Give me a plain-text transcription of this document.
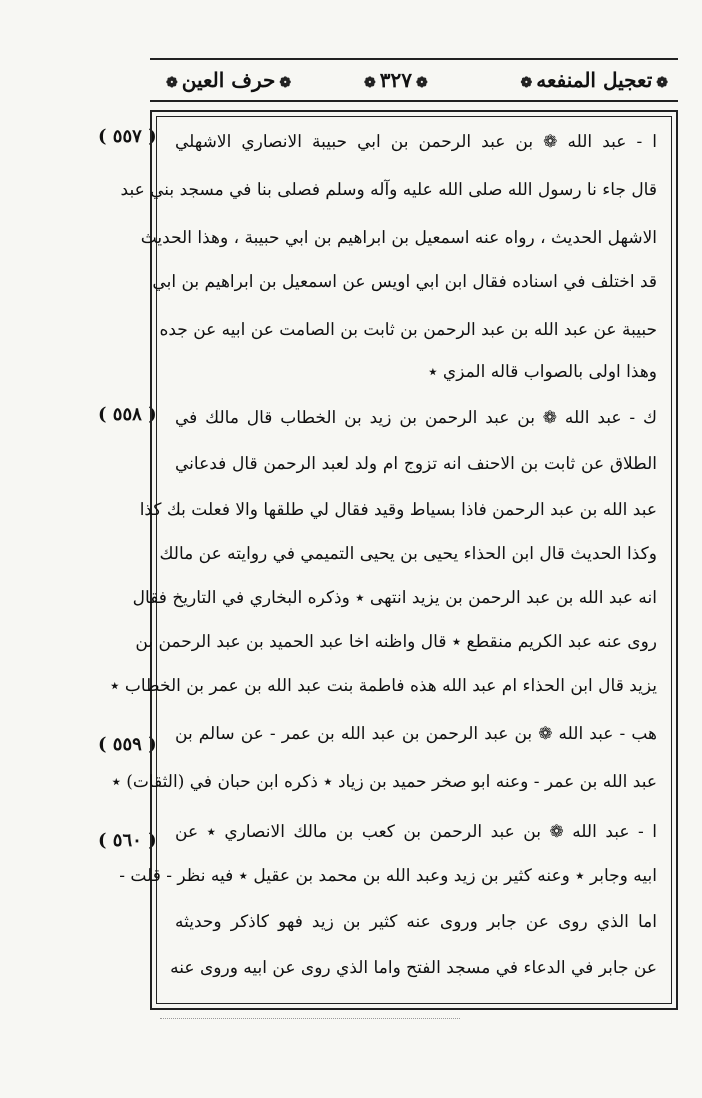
❁تعجيل المنفعه❁
❁٣٢٧❁
❁حرف العين❁
( ٥٥٧ )
( ٥٥٨ )
( ٥٥٩ )
( ٥٦٠ )
ا - عبد الله ❁ بن عبد الرحمن بن ابي حبيبة الانصاري الاشهلي
قال جاء نا رسول الله صلى الله عليه وآله وسلم فصلى بنا في مسجد بني عبد
الاشهل الحديث ، رواه عنه اسمعيل بن ابراهيم بن ابي حبيبة ، وهذا الحديث
قد اختلف في اسناده فقال ابن ابي اويس عن اسمعيل بن ابراهيم بن ابي
حبيبة عن عبد الله بن عبد الرحمن بن ثابت بن الصامت عن ابيه عن جده
وهذا اولى بالصواب قاله المزي ٭
ك - عبد الله ❁ بن عبد الرحمن بن زيد بن الخطاب قال مالك في
الطلاق عن ثابت بن الاحنف انه تزوج ام ولد لعبد الرحمن قال فدعاني
عبد الله بن عبد الرحمن فاذا بسياط وقيد فقال لي طلقها والا فعلت بك كذا
وكذا الحديث قال ابن الحذاء يحيى بن يحيى التميمي في روايته عن مالك
انه عبد الله بن عبد الرحمن بن يزيد انتهى ٭ وذكره البخاري في التاريخ فقال
روى عنه عبد الكريم منقطع ٭ قال واظنه اخا عبد الحميد بن عبد الرحمن بن
يزيد قال ابن الحذاء ام عبد الله هذه فاطمة بنت عبد الله بن عمر بن الخطاب ٭
هب - عبد الله ❁ بن عبد الرحمن بن عبد الله بن عمر - عن سالم بن
عبد الله بن عمر - وعنه ابو صخر حميد بن زياد ٭ ذكره ابن حبان في (الثقات) ٭
ا - عبد الله ❁ بن عبد الرحمن بن كعب بن مالك الانصاري ٭ عن
ابيه وجابر ٭ وعنه كثير بن زيد وعبد الله بن محمد بن عقيل ٭ فيه نظر - قلت -
اما الذي روى عن جابر وروى عنه كثير بن زيد فهو كاذكر وحديثه
عن جابر في الدعاء في مسجد الفتح واما الذي روى عن ابيه وروى عنه
